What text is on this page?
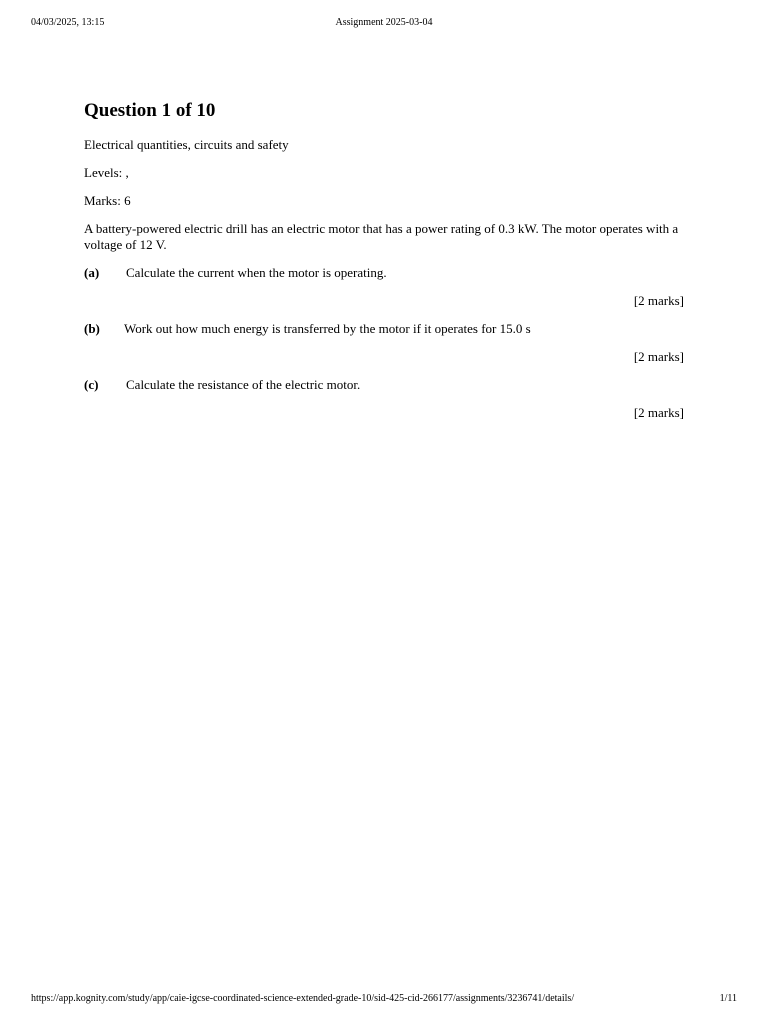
04/03/2025, 13:15	Assignment 2025-03-04
Question 1 of 10

Electrical quantities, circuits and safety

Levels: ,

Marks: 6

A battery-powered electric drill has an electric motor that has a power rating of 0.3 kW. The motor operates with a voltage of 12 V.

(a)	Calculate the current when the motor is operating.
[2 marks]
(b)	Work out how much energy is transferred by the motor if it operates for 15.0 s
[2 marks]
(c)	Calculate the resistance of the electric motor.
[2 marks]
https://app.kognity.com/study/app/caie-igcse-coordinated-science-extended-grade-10/sid-425-cid-266177/assignments/3236741/details/	1/11
